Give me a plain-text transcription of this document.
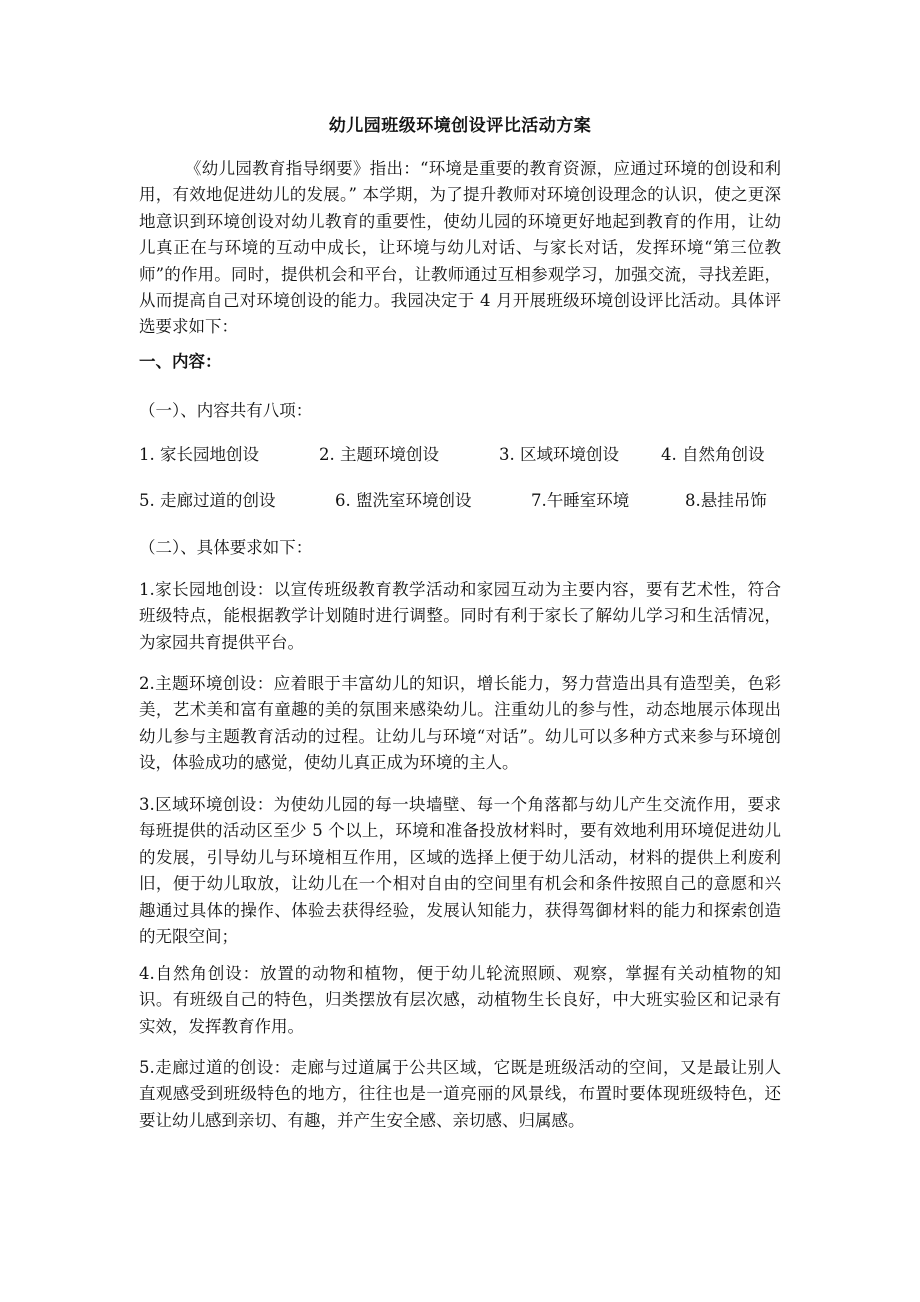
幼儿园班级环境创设评比活动方案

《幼儿园教育指导纲要》指出：“环境是重要的教育资源，应通过环境的创设和利用，有效地促进幼儿的发展。” 本学期，为了提升教师对环境创设理念的认识，使之更深地意识到环境创设对幼儿教育的重要性，使幼儿园的环境更好地起到教育的作用，让幼儿真正在与环境的互动中成长，让环境与幼儿对话、与家长对话，发挥环境“第三位教师”的作用。同时，提供机会和平台，让教师通过互相参观学习，加强交流，寻找差距，从而提高自己对环境创设的能力。我园决定于 4 月开展班级环境创设评比活动。具体评选要求如下：

一、内容：

（一）、内容共有八项：

1. 家长园地创设	2. 主题环境创设	3. 区域环境创设	4. 自然角创设
5. 走廊过道的创设	6. 盥洗室环境创设	7.午睡室环境	8.悬挂吊饰

（二）、具体要求如下：

1.家长园地创设：以宣传班级教育教学活动和家园互动为主要内容，要有艺术性，符合班级特点，能根据教学计划随时进行调整。同时有利于家长了解幼儿学习和生活情况，为家园共育提供平台。

2.主题环境创设：应着眼于丰富幼儿的知识，增长能力，努力营造出具有造型美，色彩美，艺术美和富有童趣的美的氛围来感染幼儿。注重幼儿的参与性，动态地展示体现出幼儿参与主题教育活动的过程。让幼儿与环境“对话”。幼儿可以多种方式来参与环境创设，体验成功的感觉，使幼儿真正成为环境的主人。

3.区域环境创设：为使幼儿园的每一块墙壁、每一个角落都与幼儿产生交流作用，要求每班提供的活动区至少 5 个以上，环境和准备投放材料时，要有效地利用环境促进幼儿的发展，引导幼儿与环境相互作用，区域的选择上便于幼儿活动，材料的提供上利废利旧，便于幼儿取放，让幼儿在一个相对自由的空间里有机会和条件按照自己的意愿和兴趣通过具体的操作、体验去获得经验，发展认知能力，获得驾御材料的能力和探索创造的无限空间；

4.自然角创设：放置的动物和植物，便于幼儿轮流照顾、观察，掌握有关动植物的知识。有班级自己的特色，归类摆放有层次感，动植物生长良好，中大班实验区和记录有实效，发挥教育作用。

5.走廊过道的创设：走廊与过道属于公共区域，它既是班级活动的空间，又是最让别人直观感受到班级特色的地方，往往也是一道亮丽的风景线，布置时要体现班级特色，还要让幼儿感到亲切、有趣，并产生安全感、亲切感、归属感。
